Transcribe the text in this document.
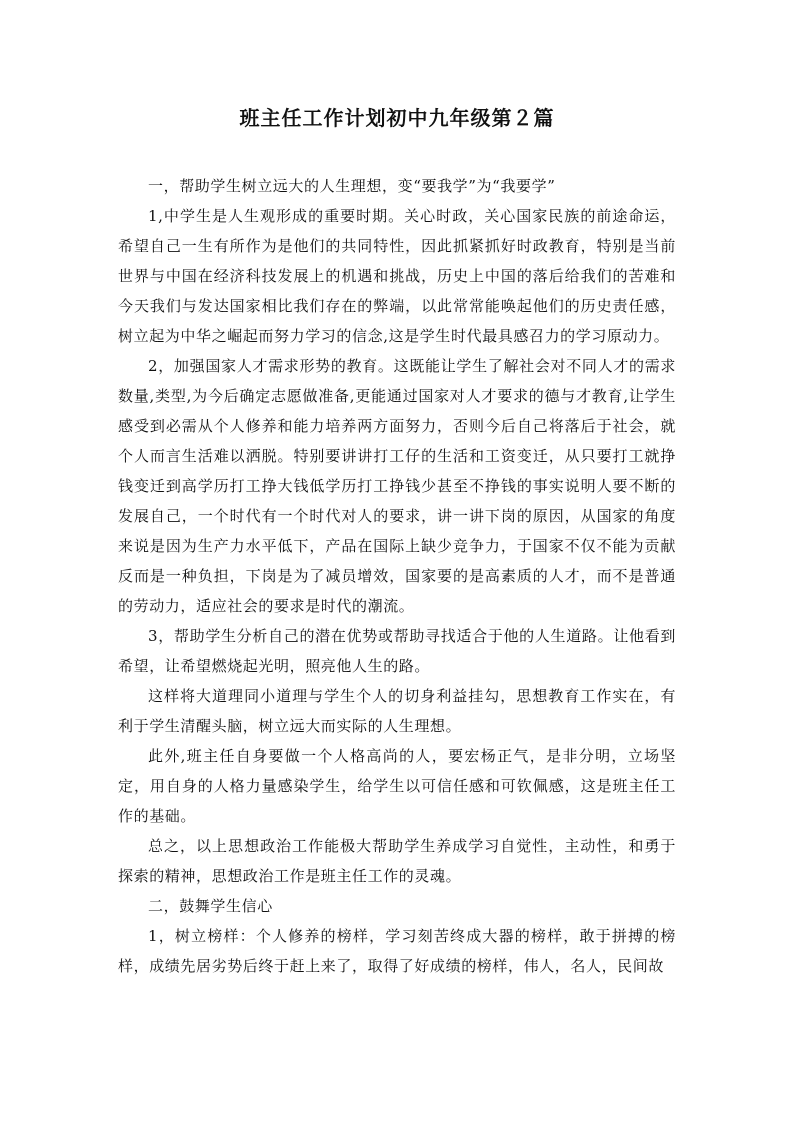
班主任工作计划初中九年级第２篇

一，帮助学生树立远大的人生理想，变“要我学”为“我要学”

1,中学生是人生观形成的重要时期。关心时政，关心国家民族的前途命运，希望自己一生有所作为是他们的共同特性，因此抓紧抓好时政教育，特别是当前世界与中国在经济科技发展上的机遇和挑战，历史上中国的落后给我们的苦难和今天我们与发达国家相比我们存在的弊端，以此常常能唤起他们的历史责任感，树立起为中华之崛起而努力学习的信念,这是学生时代最具感召力的学习原动力。

2，加强国家人才需求形势的教育。这既能让学生了解社会对不同人才的需求数量,类型,为今后确定志愿做准备,更能通过国家对人才要求的德与才教育,让学生感受到必需从个人修养和能力培养两方面努力，否则今后自己将落后于社会，就个人而言生活难以洒脱。特别要讲讲打工仔的生活和工资变迁，从只要打工就挣钱变迁到高学历打工挣大钱低学历打工挣钱少甚至不挣钱的事实说明人要不断的发展自己，一个时代有一个时代对人的要求，讲一讲下岗的原因，从国家的角度来说是因为生产力水平低下，产品在国际上缺少竞争力，于国家不仅不能为贡献反而是一种负担，下岗是为了减员增效，国家要的是高素质的人才，而不是普通的劳动力，适应社会的要求是时代的潮流。

3，帮助学生分析自己的潜在优势或帮助寻找适合于他的人生道路。让他看到希望，让希望燃烧起光明，照亮他人生的路。

这样将大道理同小道理与学生个人的切身利益挂勾，思想教育工作实在，有利于学生清醒头脑，树立远大而实际的人生理想。

此外,班主任自身要做一个人格高尚的人，要宏杨正气，是非分明，立场坚定，用自身的人格力量感染学生，给学生以可信任感和可钦佩感，这是班主任工作的基础。

总之，以上思想政治工作能极大帮助学生养成学习自觉性，主动性，和勇于探索的精神，思想政治工作是班主任工作的灵魂。

二，鼓舞学生信心

1，树立榜样：个人修养的榜样，学习刻苦终成大器的榜样，敢于拼搏的榜样，成绩先居劣势后终于赶上来了，取得了好成绩的榜样，伟人，名人，民间故
